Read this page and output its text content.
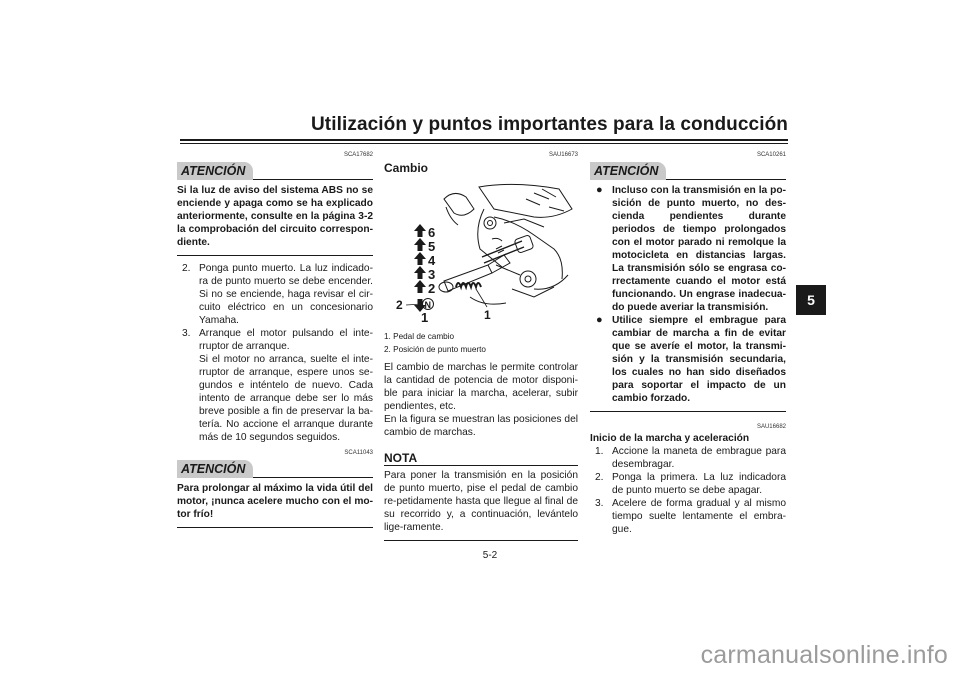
Utilización y puntos importantes para la conducción
5
SCA17682
ATENCIÓN
Si la luz de aviso del sistema ABS no se enciende y apaga como se ha explicado anteriormente, consulte en la página 3-2 la comprobación del circuito correspon-diente.
2. Ponga punto muerto. La luz indicado-ra de punto muerto se debe encender. Si no se enciende, haga revisar el cir-cuito eléctrico en un concesionario Yamaha.
3. Arranque el motor pulsando el inte-rruptor de arranque.
Si el motor no arranca, suelte el inte-rruptor de arranque, espere unos se-gundos e inténtelo de nuevo. Cada intento de arranque debe ser lo más breve posible a fin de preservar la ba-tería. No accione el arranque durante más de 10 segundos seguidos.
SCA11043
ATENCIÓN
Para prolongar al máximo la vida útil del motor, ¡nunca acelere mucho con el mo-tor frío!
SAU16673
Cambio
6
5
4
3
2
1
2
1
N
1. Pedal de cambio
2. Posición de punto muerto
El cambio de marchas le permite controlar la cantidad de potencia de motor disponi-ble para iniciar la marcha, acelerar, subir pendientes, etc.
En la figura se muestran las posiciones del cambio de marchas.
NOTA
Para poner la transmisión en la posición de punto muerto, pise el pedal de cambio re-petidamente hasta que llegue al final de su recorrido y, a continuación, levántelo lige-ramente.
SCA10261
ATENCIÓN
● Incluso con la transmisión en la po-sición de punto muerto, no des-cienda pendientes durante periodos de tiempo prolongados con el motor parado ni remolque la motocicleta en distancias largas. La transmisión sólo se engrasa co-rrectamente cuando el motor está funcionando. Un engrase inadecua-do puede averiar la transmisión.
● Utilice siempre el embrague para cambiar de marcha a fin de evitar que se averíe el motor, la transmi-sión y la transmisión secundaria, los cuales no han sido diseñados para soportar el impacto de un cambio forzado.
SAU16682
Inicio de la marcha y aceleración
1. Accione la maneta de embrague para desembragar.
2. Ponga la primera. La luz indicadora de punto muerto se debe apagar.
3. Acelere de forma gradual y al mismo tiempo suelte lentamente el embra-gue.
5-2
carmanualsonline.info
